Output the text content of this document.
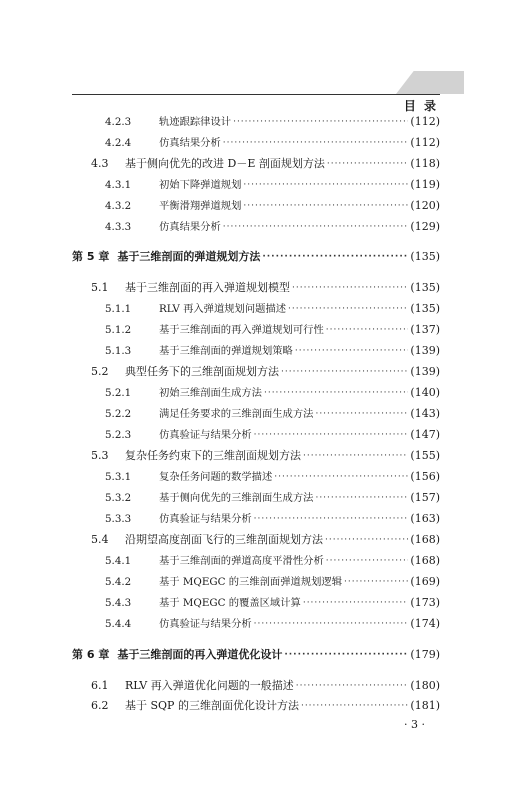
目 录
4.2.3	轨迹跟踪律设计 ·····	(112)
4.2.4	仿真结果分析 ·····	(112)
4.3	基于侧向优先的改进 D－E 剖面规划方法 ·····	(118)
4.3.1	初始下降弹道规划 ·····	(119)
4.3.2	平衡滑翔弹道规划 ·····	(120)
4.3.3	仿真结果分析 ·····	(129)
第 5 章 基于三维剖面的弹道规划方法 ·····	(135)
5.1	基于三维剖面的再入弹道规划模型 ·····	(135)
5.1.1	RLV 再入弹道规划问题描述 ·····	(135)
5.1.2	基于三维剖面的再入弹道规划可行性 ·····	(137)
5.1.3	基于三维剖面的弹道规划策略 ·····	(139)
5.2	典型任务下的三维剖面规划方法 ·····	(139)
5.2.1	初始三维剖面生成方法 ·····	(140)
5.2.2	满足任务要求的三维剖面生成方法 ·····	(143)
5.2.3	仿真验证与结果分析 ·····	(147)
5.3	复杂任务约束下的三维剖面规划方法 ·····	(155)
5.3.1	复杂任务问题的数学描述 ·····	(156)
5.3.2	基于侧向优先的三维剖面生成方法 ·····	(157)
5.3.3	仿真验证与结果分析 ·····	(163)
5.4	沿期望高度剖面飞行的三维剖面规划方法 ·····	(168)
5.4.1	基于三维剖面的弹道高度平滑性分析 ·····	(168)
5.4.2	基于 MQEGC 的三维剖面弹道规划逻辑 ·····	(169)
5.4.3	基于 MQEGC 的覆盖区域计算 ·····	(173)
5.4.4	仿真验证与结果分析 ·····	(174)
第 6 章 基于三维剖面的再入弹道优化设计 ·····	(179)
6.1	RLV 再入弹道优化问题的一般描述 ·····	(180)
6.2	基于 SQP 的三维剖面优化设计方法 ·····	(181)
· 3 ·
